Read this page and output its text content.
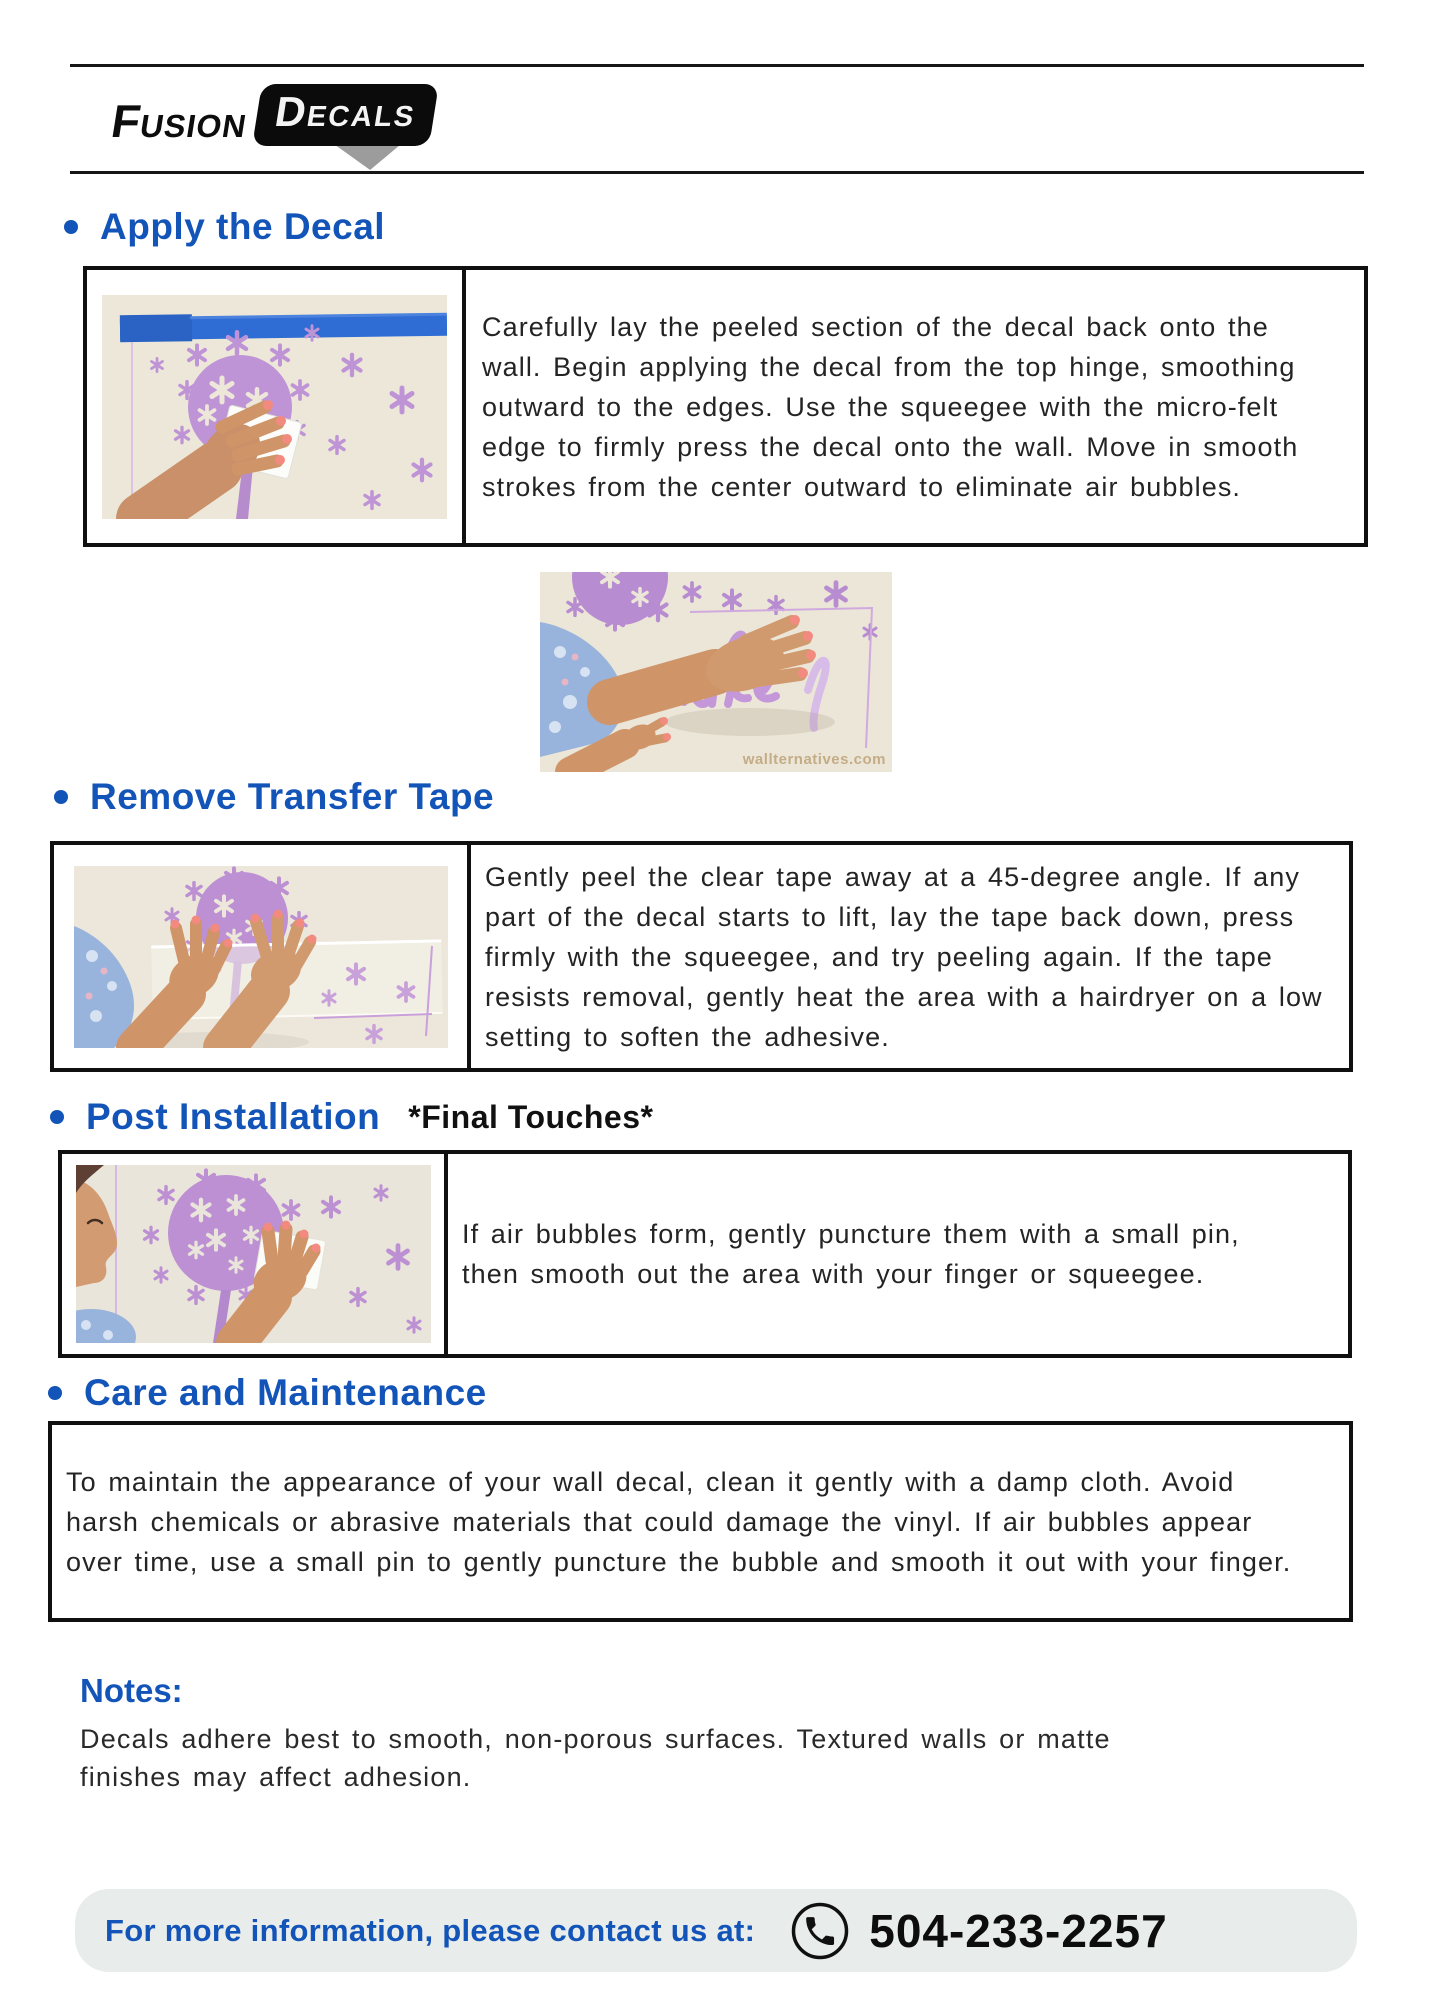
Fusion Decals
Apply the Decal

Carefully lay the peeled section of the decal back onto the wall. Begin applying the decal from the top hinge, smoothing outward to the edges. Use the squeegee with the micro-felt edge to firmly press the decal onto the wall. Move in smooth strokes from the center outward to eliminate air bubbles.

wallternatives.com
Remove Transfer Tape

Gently peel the clear tape away at a 45-degree angle. If any part of the decal starts to lift, lay the tape back down, press firmly with the squeegee, and try peeling again. If the tape resists removal, gently heat the area with a hairdryer on a low setting to soften the adhesive.

Post Installation *Final Touches*

If air bubbles form, gently puncture them with a small pin, then smooth out the area with your finger or squeegee.

Care and Maintenance

To maintain the appearance of your wall decal, clean it gently with a damp cloth. Avoid harsh chemicals or abrasive materials that could damage the vinyl. If air bubbles appear over time, use a small pin to gently puncture the bubble and smooth it out with your finger.

Notes:

Decals adhere best to smooth, non-porous surfaces. Textured walls or matte finishes may affect adhesion.

For more information, please contact us at: 504-233-2257
